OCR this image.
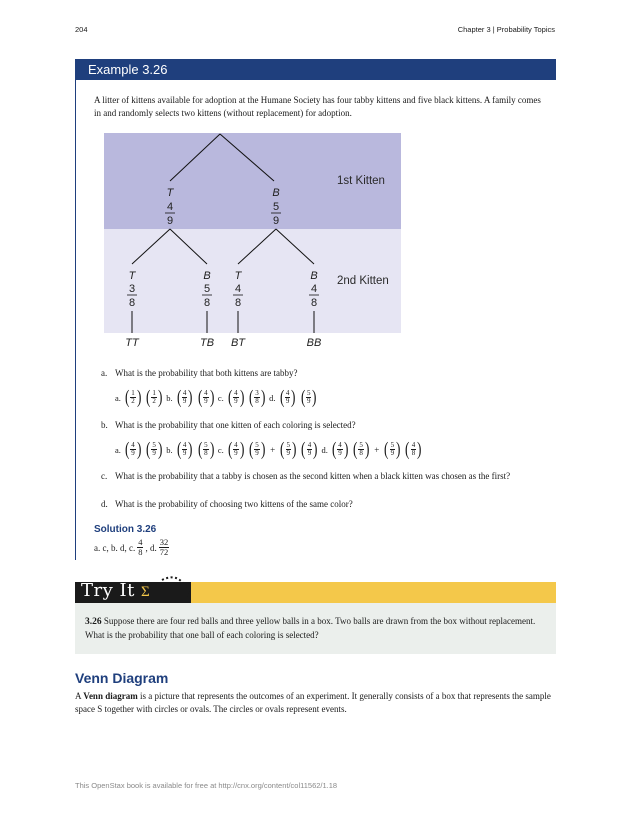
204	Chapter 3 | Probability Topics
Example 3.26
A litter of kittens available for adoption at the Humane Society has four tabby kittens and five black kittens. A family comes in and randomly selects two kittens (without replacement) for adoption.
T
4
9
B
5
9
1st Kitten
T
3
8
B
5
8
T
4
8
B
4
8
2nd Kitten
TT	TB BT	BB
a. What is the probability that both kittens are tabby?
a. ( $\frac{1}{2}$ ) ( $\frac{1}{2}$ ) b. ( $\frac{4}{9}$ ) ( $\frac{4}{9}$ ) c. ( $\frac{4}{9}$ ) ( $\frac{3}{8}$ ) d. ( $\frac{4}{9}$ ) ( $\frac{5}{9}$ )
b. What is the probability that one kitten of each coloring is selected?
a. ( $\frac{4}{9}$ ) ( $\frac{5}{9}$ ) b. ( $\frac{4}{9}$ ) ( $\frac{5}{8}$ ) c. ( $\frac{4}{9}$ ) ( $\frac{5}{9}$ ) + ( $\frac{5}{9}$ ) ( $\frac{4}{9}$ ) d. ( $\frac{4}{9}$ ) ( $\frac{5}{8}$ ) + ( $\frac{5}{9}$ ) ( $\frac{4}{8}$ )
c. What is the probability that a tabby is chosen as the second kitten when a black kitten was chosen as the first?
d. What is the probability of choosing two kittens of the same color?
Solution 3.26
a. c, b. d, c. $\frac{4}{8}$ , d. $\frac{32}{72}$
Try It Σ
3.26 Suppose there are four red balls and three yellow balls in a box. Two balls are drawn from the box without replacement. What is the probability that one ball of each coloring is selected?
Venn Diagram
A Venn diagram is a picture that represents the outcomes of an experiment. It generally consists of a box that represents the sample space S together with circles or ovals. The circles or ovals represent events.
This OpenStax book is available for free at http://cnx.org/content/col11562/1.18
